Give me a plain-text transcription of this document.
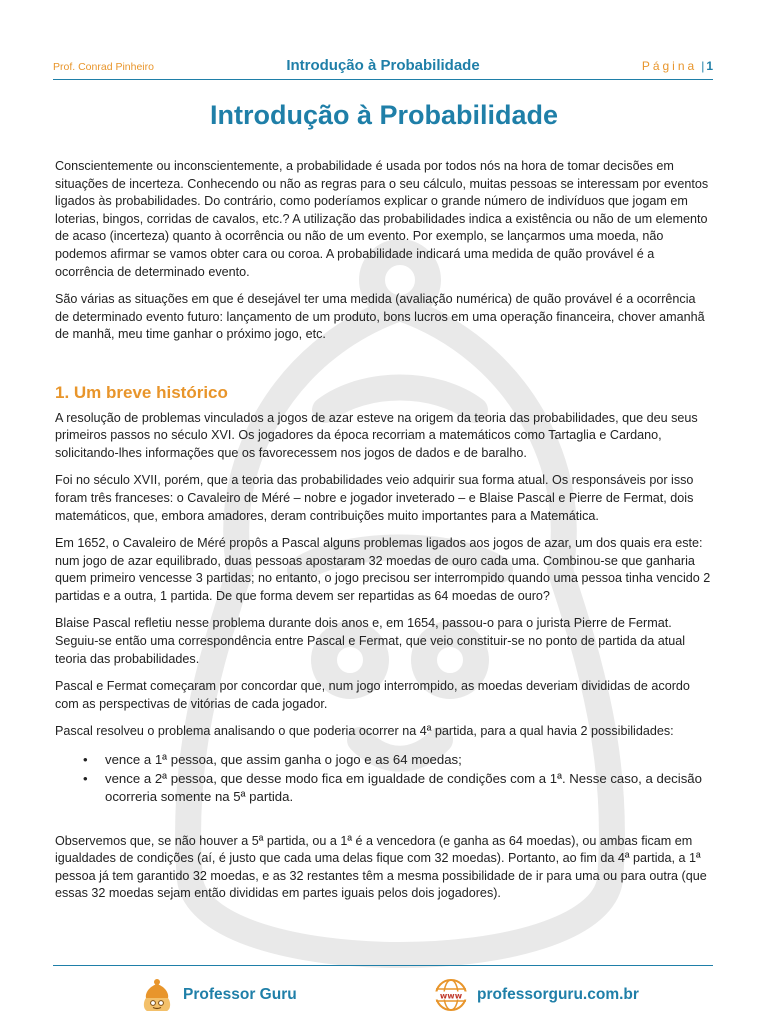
Prof. Conrad Pinheiro	Introdução à Probabilidade	Página | 1
Introdução à Probabilidade

Conscientemente ou inconscientemente, a probabilidade é usada por todos nós na hora de tomar decisões em situações de incerteza. Conhecendo ou não as regras para o seu cálculo, muitas pessoas se interessam por eventos ligados às probabilidades. Do contrário, como poderíamos explicar o grande número de indivíduos que jogam em loterias, bingos, corridas de cavalos, etc.? A utilização das probabilidades indica a existência ou não de um elemento de acaso (incerteza) quanto à ocorrência ou não de um evento. Por exemplo, se lançarmos uma moeda, não podemos afirmar se vamos obter cara ou coroa. A probabilidade indicará uma medida de quão provável é a ocorrência de determinado evento.

São várias as situações em que é desejável ter uma medida (avaliação numérica) de quão provável é a ocorrência de determinado evento futuro: lançamento de um produto, bons lucros em uma operação financeira, chover amanhã de manhã, meu time ganhar o próximo jogo, etc.

1. Um breve histórico

A resolução de problemas vinculados a jogos de azar esteve na origem da teoria das probabilidades, que deu seus primeiros passos no século XVI. Os jogadores da época recorriam a matemáticos como Tartaglia e Cardano, solicitando-lhes informações que os favorecessem nos jogos de dados e de baralho.

Foi no século XVII, porém, que a teoria das probabilidades veio adquirir sua forma atual. Os responsáveis por isso foram três franceses: o Cavaleiro de Méré – nobre e jogador inveterado – e Blaise Pascal e Pierre de Fermat, dois matemáticos, que, embora amadores, deram contribuições muito importantes para a Matemática.

Em 1652, o Cavaleiro de Méré propôs a Pascal alguns problemas ligados aos jogos de azar, um dos quais era este: num jogo de azar equilibrado, duas pessoas apostaram 32 moedas de ouro cada uma. Combinou-se que ganharia quem primeiro vencesse 3 partidas; no entanto, o jogo precisou ser interrompido quando uma pessoa tinha vencido 2 partidas e a outra, 1 partida. De que forma devem ser repartidas as 64 moedas de ouro?

Blaise Pascal refletiu nesse problema durante dois anos e, em 1654, passou-o para o jurista Pierre de Fermat. Seguiu-se então uma correspondência entre Pascal e Fermat, que veio constituir-se no ponto de partida da atual teoria das probabilidades.

Pascal e Fermat começaram por concordar que, num jogo interrompido, as moedas deveriam divididas de acordo com as perspectivas de vitórias de cada jogador.

Pascal resolveu o problema analisando o que poderia ocorrer na 4ª partida, para a qual havia 2 possibilidades:

• vence a 1ª pessoa, que assim ganha o jogo e as 64 moedas;
• vence a 2ª pessoa, que desse modo fica em igualdade de condições com a 1ª. Nesse caso, a decisão ocorreria somente na 5ª partida.

Observemos que, se não houver a 5ª partida, ou a 1ª é a vencedora (e ganha as 64 moedas), ou ambas ficam em igualdades de condições (aí, é justo que cada uma delas fique com 32 moedas). Portanto, ao fim da 4ª partida, a 1ª pessoa já tem garantido 32 moedas, e as 32 restantes têm a mesma possibilidade de ir para uma ou para outra (que essas 32 moedas sejam então divididas em partes iguais pelos dois jogadores).

Professor Guru	www professorguru.com.br
